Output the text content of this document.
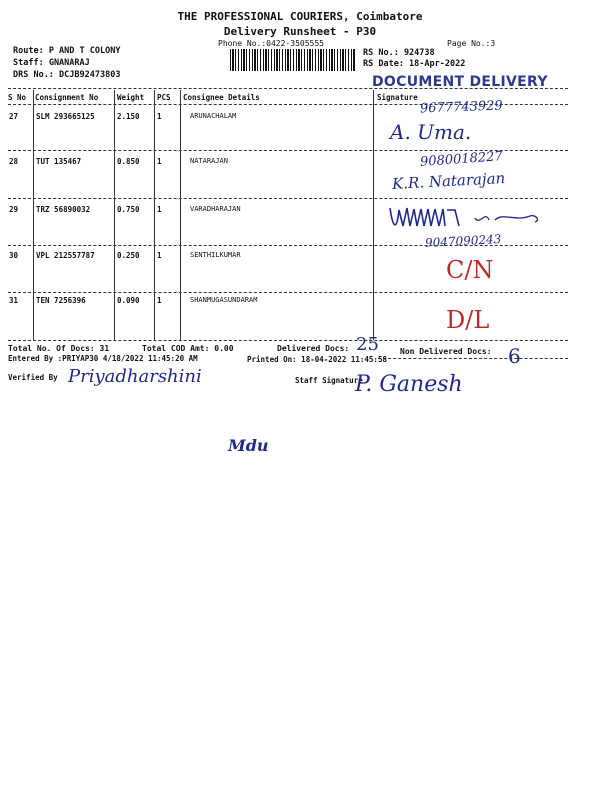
THE PROFESSIONAL COURIERS, Coimbatore
Delivery Runsheet - P30
Phone No.:0422-3505555	Page No.:3
Route: P AND T COLONY
Staff: GNANARAJ
DRS No.: DCJB92473803
RS No.: 924738
RS Date: 18-Apr-2022
DOCUMENT DELIVERY
S No Consignment No	Weight PCS Consignee Details	Signature
27 SLM 293665125	2.150 1	ARUNACHALAM	9677743929
A. Uma.
28 TUT 135467	0.850 1	NATARAJAN	9080018227
K.R. Natarajan
29 TRZ 56890032	0.750 1	VARADHARAJAN
9047090243
30 VPL 212557787	0.250 1	SENTHILKUMAR
C/N
31 TEN 7256396	0.090 1	SHANMUGASUNDARAM
D/L
Total No. Of Docs: 31	Total COD Amt: 0.00	Delivered Docs: 25	Non Delivered Docs: 6
Entered By :PRIYAP30 4/18/2022 11:45:20 AM	Printed On: 18-04-2022 11:45:58
Verified By Priyadharshini	Staff Signature
P. Ganesh
Mdu
